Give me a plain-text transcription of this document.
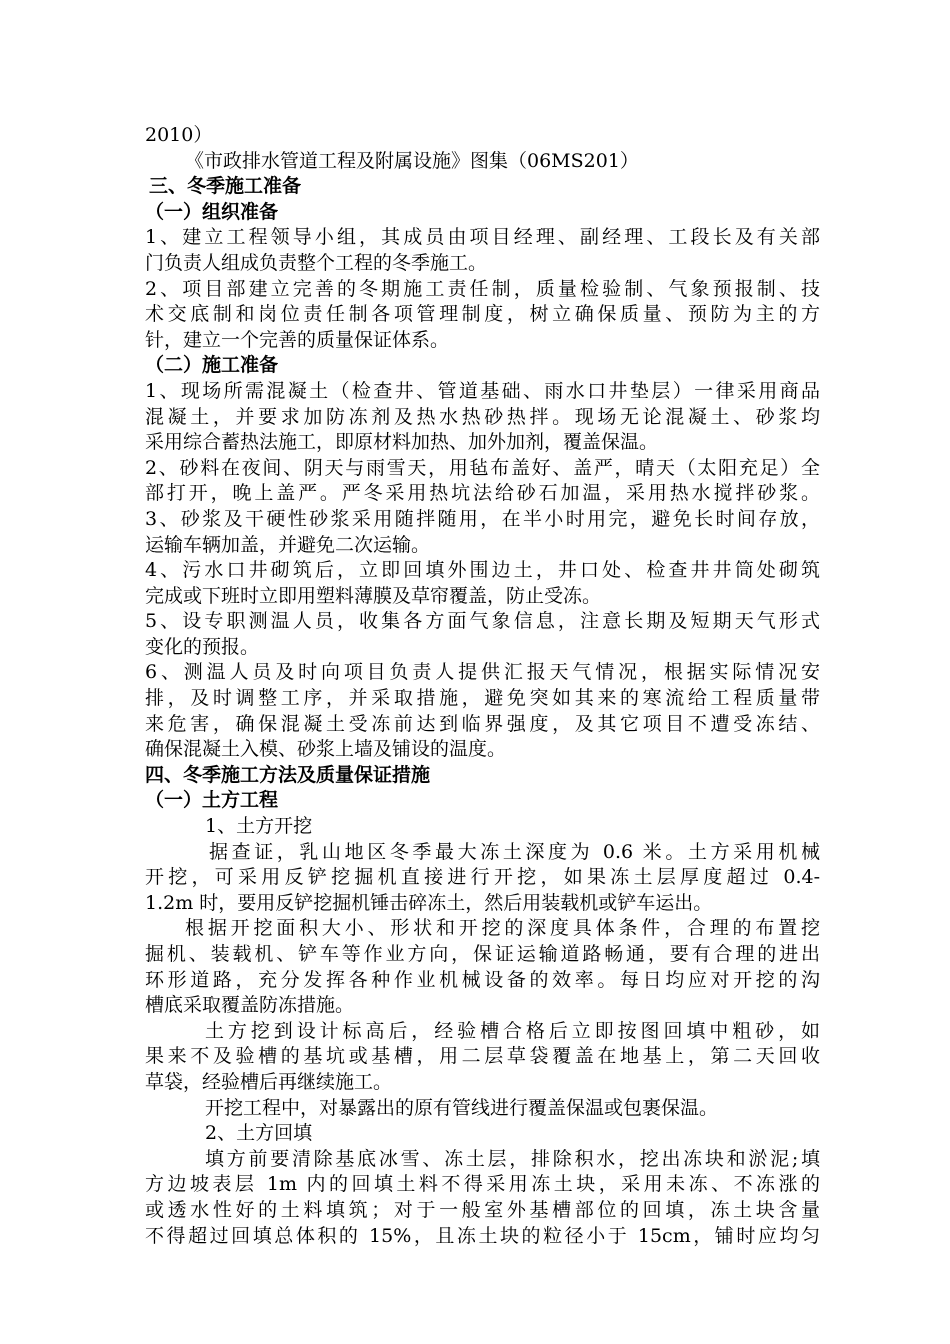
2010）
《市政排水管道工程及附属设施》图集（06MS201）
三、冬季施工准备
（一）组织准备
1、建立工程领导小组，其成员由项目经理、副经理、工段长及有关部
门负责人组成负责整个工程的冬季施工。
2、项目部建立完善的冬期施工责任制，质量检验制、气象预报制、技
术交底制和岗位责任制各项管理制度，树立确保质量、预防为主的方
针，建立一个完善的质量保证体系。
（二）施工准备
1、现场所需混凝土（检查井、管道基础、雨水口井垫层）一律采用商品
混凝土，并要求加防冻剂及热水热砂热拌。现场无论混凝土、砂浆均
采用综合蓄热法施工，即原材料加热、加外加剂，覆盖保温。
2、砂料在夜间、阴天与雨雪天，用毡布盖好、盖严，晴天（太阳充足）全
部打开，晚上盖严。严冬采用热坑法给砂石加温，采用热水搅拌砂浆。
3、砂浆及干硬性砂浆采用随拌随用，在半小时用完，避免长时间存放，
运输车辆加盖，并避免二次运输。
4、污水口井砌筑后，立即回填外围边土，井口处、检查井井筒处砌筑
完成或下班时立即用塑料薄膜及草帘覆盖，防止受冻。
5、设专职测温人员，收集各方面气象信息，注意长期及短期天气形式
变化的预报。
6、测温人员及时向项目负责人提供汇报天气情况，根据实际情况安
排，及时调整工序，并采取措施，避免突如其来的寒流给工程质量带
来危害，确保混凝土受冻前达到临界强度，及其它项目不遭受冻结、
确保混凝土入模、砂浆上墙及铺设的温度。
四、冬季施工方法及质量保证措施
（一）土方工程
1、土方开挖
据查证，乳山地区冬季最大冻土深度为 0.6 米。土方采用机械
开挖，可采用反铲挖掘机直接进行开挖，如果冻土层厚度超过 0.4-
1.2m 时，要用反铲挖掘机锤击碎冻土，然后用装载机或铲车运出。
根据开挖面积大小、形状和开挖的深度具体条件，合理的布置挖
掘机、装载机、铲车等作业方向，保证运输道路畅通，要有合理的进出
环形道路，充分发挥各种作业机械设备的效率。每日均应对开挖的沟
槽底采取覆盖防冻措施。
土方挖到设计标高后，经验槽合格后立即按图回填中粗砂，如
果来不及验槽的基坑或基槽，用二层草袋覆盖在地基上，第二天回收
草袋，经验槽后再继续施工。
开挖工程中，对暴露出的原有管线进行覆盖保温或包裹保温。
2、土方回填
填方前要清除基底冰雪、冻土层，排除积水，挖出冻块和淤泥;填
方边坡表层 1m 内的回填土料不得采用冻土块，采用未冻、不冻涨的
或透水性好的土料填筑；对于一般室外基槽部位的回填，冻土块含量
不得超过回填总体积的 15%，且冻土块的粒径小于 15cm，铺时应均匀
